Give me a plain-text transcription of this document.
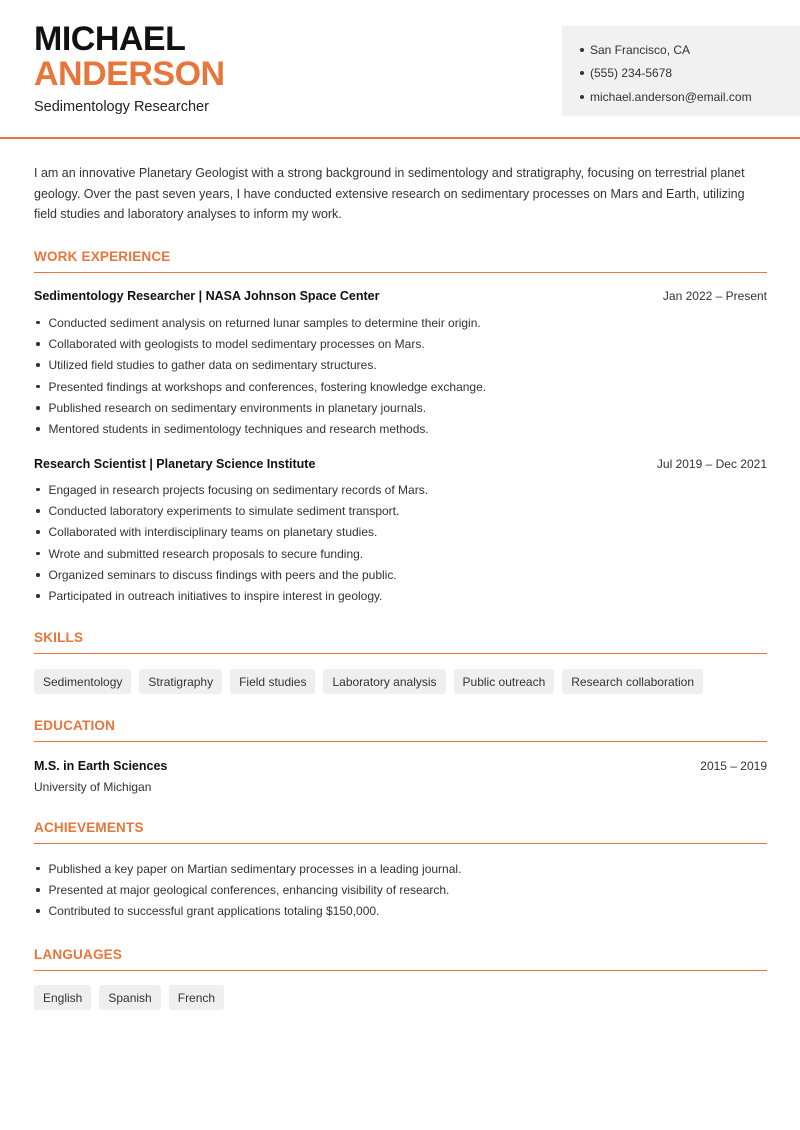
MICHAEL
ANDERSON
Sedimentology Researcher
San Francisco, CA
(555) 234-5678
michael.anderson@email.com
I am an innovative Planetary Geologist with a strong background in sedimentology and stratigraphy, focusing on terrestrial planet geology. Over the past seven years, I have conducted extensive research on sedimentary processes on Mars and Earth, utilizing field studies and laboratory analyses to inform my work.
WORK EXPERIENCE
Sedimentology Researcher | NASA Johnson Space Center	Jan 2022 – Present
Conducted sediment analysis on returned lunar samples to determine their origin.
Collaborated with geologists to model sedimentary processes on Mars.
Utilized field studies to gather data on sedimentary structures.
Presented findings at workshops and conferences, fostering knowledge exchange.
Published research on sedimentary environments in planetary journals.
Mentored students in sedimentology techniques and research methods.
Research Scientist | Planetary Science Institute	Jul 2019 – Dec 2021
Engaged in research projects focusing on sedimentary records of Mars.
Conducted laboratory experiments to simulate sediment transport.
Collaborated with interdisciplinary teams on planetary studies.
Wrote and submitted research proposals to secure funding.
Organized seminars to discuss findings with peers and the public.
Participated in outreach initiatives to inspire interest in geology.
SKILLS
Sedimentology	Stratigraphy	Field studies	Laboratory analysis	Public outreach	Research collaboration
EDUCATION
M.S. in Earth Sciences	2015 – 2019
University of Michigan
ACHIEVEMENTS
Published a key paper on Martian sedimentary processes in a leading journal.
Presented at major geological conferences, enhancing visibility of research.
Contributed to successful grant applications totaling $150,000.
LANGUAGES
English	Spanish	French
